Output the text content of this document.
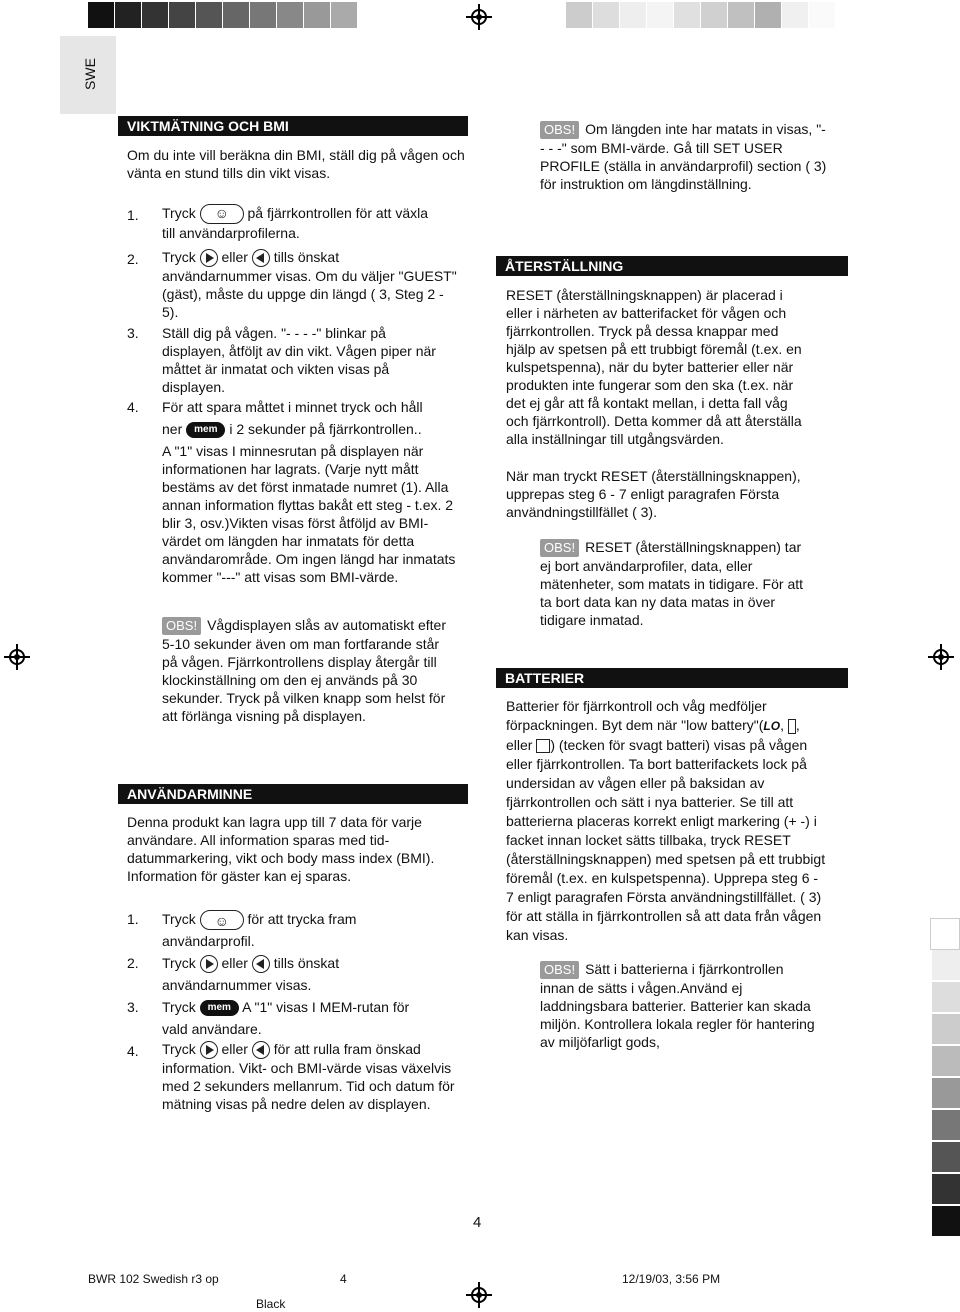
SWE
VIKTMÄTNING OCH BMI
Om du inte vill beräkna din BMI, ställ dig på vågen och vänta en stund tills din vikt visas.
1. Tryck ☺	på fjärrkontrollen för att växla
till användarprofilerna.
2. Tryck eller tills önskat
användarnummer visas. Om du väljer "GUEST" (gäst), måste du uppge din längd ( 3, Steg 2 - 5).
3. Ställ dig på vågen. "- - - -" blinkar på displayen, åtföljt av din vikt. Vågen piper när måttet är inmatat och vikten visas på displayen.
4. För att spara måttet i minnet tryck och håll
ner mem i 2 sekunder på fjärrkontrollen..
A "1" visas I minnesrutan på displayen när informationen har lagrats. (Varje nytt mått bestäms av det först inmatade numret (1). Alla annan information flyttas bakåt ett steg - t.ex. 2 blir 3, osv.)Vikten visas först åtföljd av BMI-värdet om längden har inmatats för detta användarområde. Om ingen längd har inmatats kommer "---" att visas som BMI-värde.
OBS! Vågdisplayen slås av automatiskt efter 5-10 sekunder även om man fortfarande står på vågen. Fjärrkontrollens display återgår till klockinställning om den ej används på 30 sekunder. Tryck på vilken knapp som helst för att förlänga visning på displayen.
ANVÄNDARMINNE
Denna produkt kan lagra upp till 7 data för varje användare. All information sparas med tid-datummarkering, vikt och body mass index (BMI). Information för gäster kan ej sparas.
1. Tryck ☺	för att trycka fram
användarprofil.
2. Tryck eller tills önskat
användarnummer visas.
3. Tryck mem A "1" visas I MEM-rutan för
vald användare.
4. Tryck eller för att rulla fram önskad
information. Vikt- och BMI-värde visas växelvis med 2 sekunders mellanrum. Tid och datum för mätning visas på nedre delen av displayen.
OBS! Om längden inte har matats in visas, "- - - -" som BMI-värde. Gå till SET USER PROFILE (ställa in användarprofil) section ( 3) för instruktion om längdinställning.
ÅTERSTÄLLNING
RESET (återställningsknappen) är placerad i eller i närheten av batterifacket för vågen och fjärrkontrollen. Tryck på dessa knappar med hjälp av spetsen på ett trubbigt föremål (t.ex. en kulspetspenna), när du byter batterier eller när produkten inte fungerar som den ska (t.ex. när det ej går att få kontakt mellan, i detta fall våg och fjärrkontroll). Detta kommer då att återställa alla inställningar till utgångsvärden.
När man tryckt RESET (återställningsknappen), upprepas steg 6 - 7 enligt paragrafen Första användningstillfället ( 3).
OBS! RESET (återställningsknappen) tar ej bort användarprofiler, data, eller mätenheter, som matats in tidigare. För att ta bort data kan ny data matas in över tidigare inmatad.
BATTERIER
Batterier för fjärrkontroll och våg medföljer förpackningen. Byt dem när "low battery"(LO, , eller ) (tecken för svagt batteri) visas på vågen eller fjärrkontrollen. Ta bort batterifackets lock på undersidan av vågen eller på baksidan av fjärrkontrollen och sätt i nya batterier. Se till att batterierna placeras korrekt enligt markering (+ -) i facket innan locket sätts tillbaka, tryck RESET (återställningsknappen) med spetsen på ett trubbigt föremål (t.ex. en kulspetspenna). Upprepa steg 6 - 7 enligt paragrafen Första användningstillfället. ( 3) för att ställa in fjärrkontrollen så att data från vågen kan visas.
OBS! Sätt i batterierna i fjärrkontrollen innan de sätts i vågen.Använd ej laddningsbara batterier. Batterier kan skada miljön. Kontrollera lokala regler för hantering av miljöfarligt gods,
4
BWR 102 Swedish r3 op	4	12/19/03, 3:56 PM
Black
